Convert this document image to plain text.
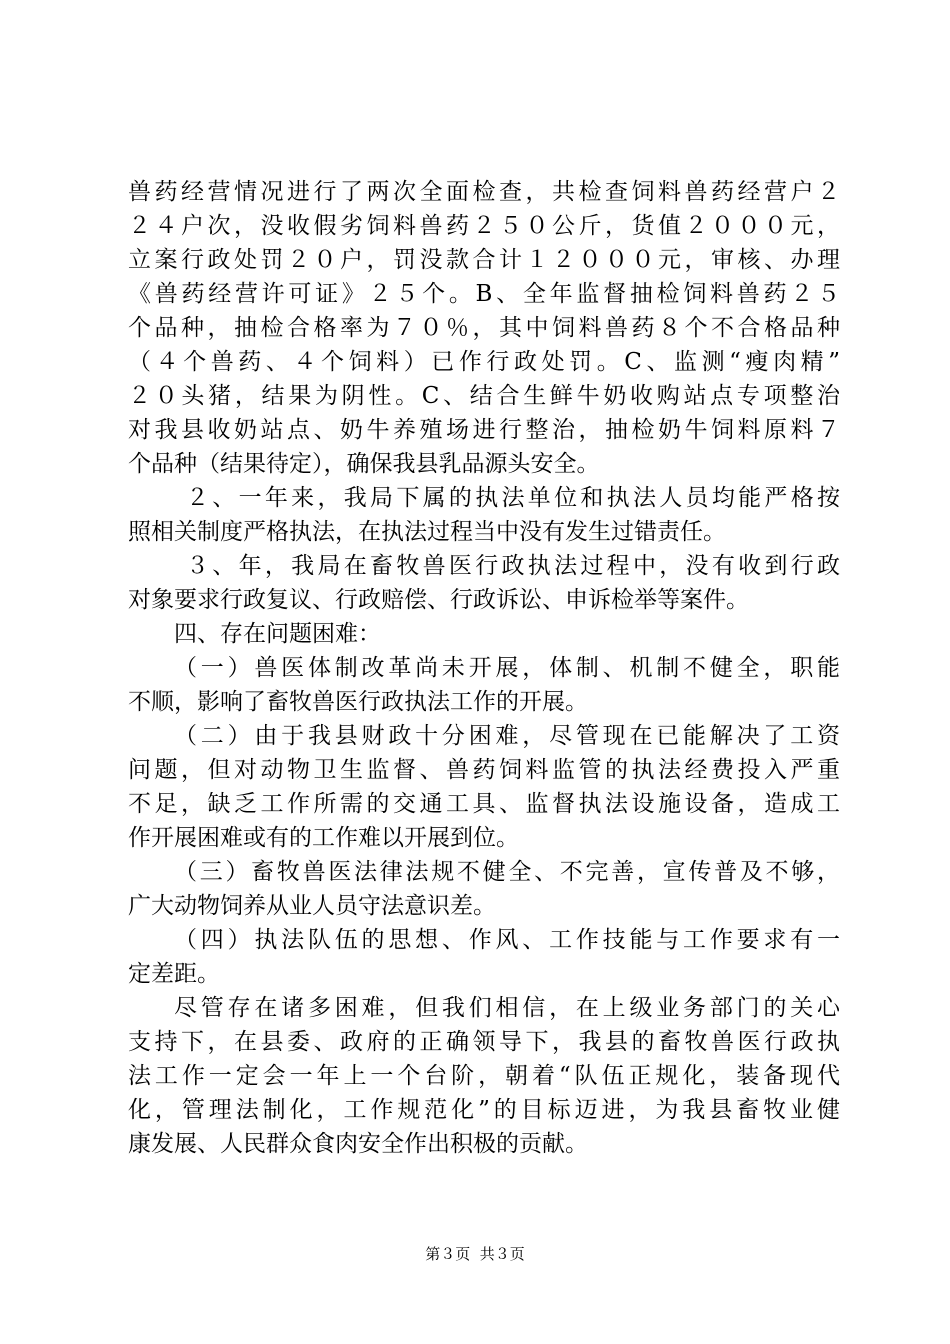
兽药经营情况进行了两次全面检查，共检查饲料兽药经营户２
２４户次，没收假劣饲料兽药２５０公斤，货值２０００元，
立案行政处罚２０户，罚没款合计１２０００元，审核、办理
《兽药经营许可证》２５个。B、全年监督抽检饲料兽药２５
个品种，抽检合格率为７０％，其中饲料兽药８个不合格品种
（４个兽药、４个饲料）已作行政处罚。C、监测“瘦肉精”
２０头猪，结果为阴性。C、结合生鲜牛奶收购站点专项整治
对我县收奶站点、奶牛养殖场进行整治，抽检奶牛饲料原料７
个品种（结果待定），确保我县乳品源头安全。
２、一年来，我局下属的执法单位和执法人员均能严格按
照相关制度严格执法，在执法过程当中没有发生过错责任。
３、年，我局在畜牧兽医行政执法过程中，没有收到行政
对象要求行政复议、行政赔偿、行政诉讼、申诉检举等案件。
四、存在问题困难：
（一）兽医体制改革尚未开展，体制、机制不健全，职能
不顺，影响了畜牧兽医行政执法工作的开展。
（二）由于我县财政十分困难，尽管现在已能解决了工资
问题，但对动物卫生监督、兽药饲料监管的执法经费投入严重
不足，缺乏工作所需的交通工具、监督执法设施设备，造成工
作开展困难或有的工作难以开展到位。
（三）畜牧兽医法律法规不健全、不完善，宣传普及不够，
广大动物饲养从业人员守法意识差。
（四）执法队伍的思想、作风、工作技能与工作要求有一
定差距。
尽管存在诸多困难，但我们相信，在上级业务部门的关心
支持下，在县委、政府的正确领导下，我县的畜牧兽医行政执
法工作一定会一年上一个台阶，朝着“队伍正规化，装备现代
化，管理法制化，工作规范化”的目标迈进，为我县畜牧业健
康发展、人民群众食肉安全作出积极的贡献。
第３页  共３页
